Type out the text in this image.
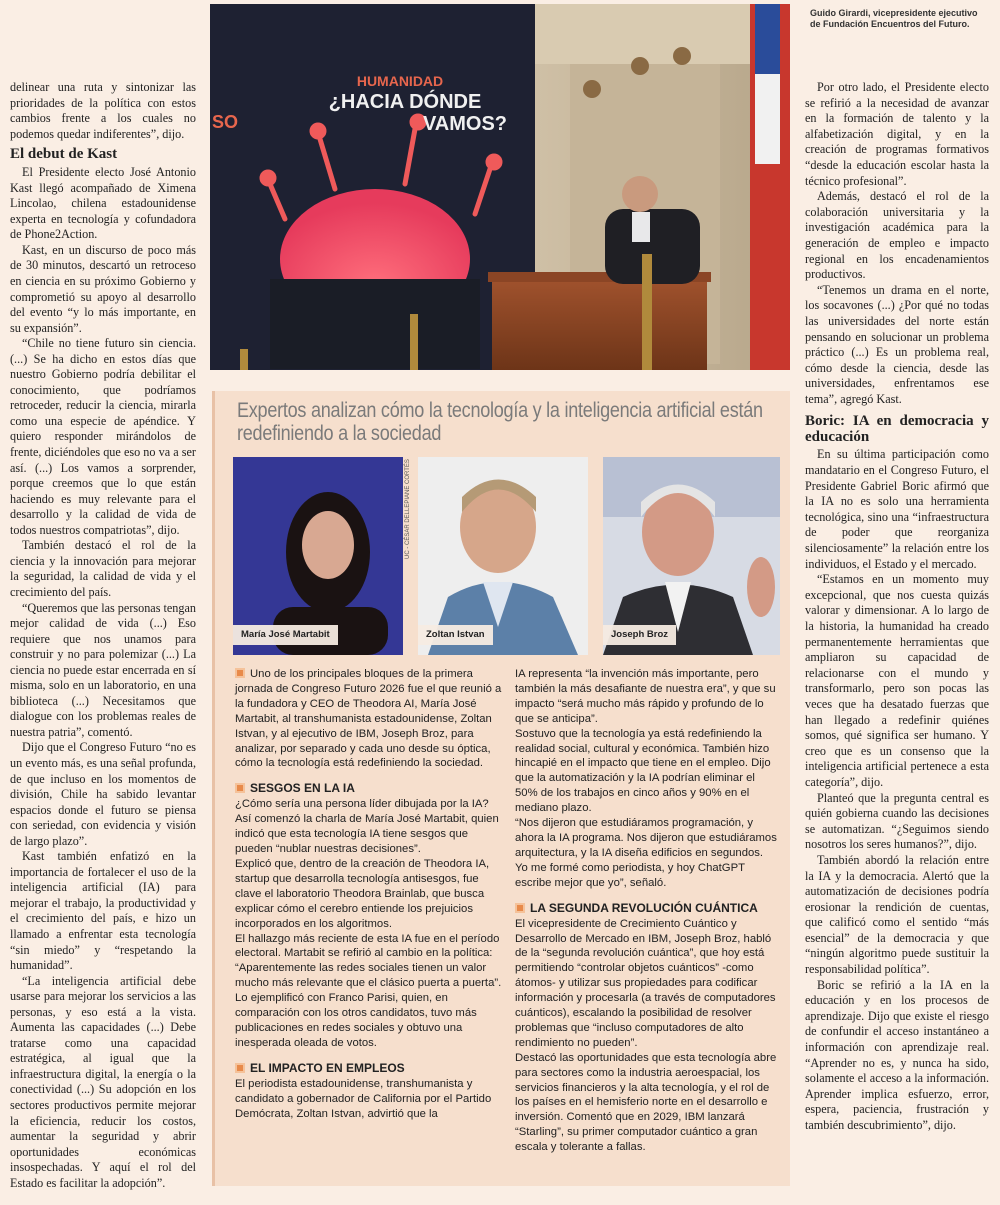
HUMANIDAD
¿HACIA DÓNDE
VAMOS?
SO
Guido Girardi, vicepresidente ejecutivo de Fundación Encuentros del Futuro.

delinear una ruta y sintonizar las prioridades de la política con estos cambios frente a los cuales no podemos quedar indiferentes”, dijo.

El debut de Kast

El Presidente electo José Antonio Kast llegó acompañado de Ximena Lincolao, chilena estadounidense experta en tecnología y cofundadora de Phone2Action.

Kast, en un discurso de poco más de 30 minutos, descartó un retroceso en ciencia en su próximo Gobierno y comprometió su apoyo al desarrollo del evento “y lo más importante, en su expansión”.

“Chile no tiene futuro sin ciencia. (...) Se ha dicho en estos días que nuestro Gobierno podría debilitar el conocimiento, que podríamos retroceder, reducir la ciencia, mirarla como una especie de apéndice. Y quiero responder mirándolos de frente, diciéndoles que eso no va a ser así. (...) Los vamos a sorprender, porque creemos que lo que están haciendo es muy relevante para el desarrollo y la calidad de vida de todos nuestros compatriotas”, dijo.

También destacó el rol de la ciencia y la innovación para mejorar la seguridad, la calidad de vida y el crecimiento del país.

“Queremos que las personas tengan mejor calidad de vida (...) Eso requiere que nos unamos para construir y no para polemizar (...) La ciencia no puede estar encerrada en sí misma, solo en un laboratorio, en una biblioteca (...) Necesitamos que dialogue con los problemas reales de nuestra patria”, comentó.

Dijo que el Congreso Futuro “no es un evento más, es una señal profunda, de que incluso en los momentos de división, Chile ha sabido levantar espacios donde el futuro se piensa con seriedad, con evidencia y visión de largo plazo”.

Kast también enfatizó en la importancia de fortalecer el uso de la inteligencia artificial (IA) para mejorar el trabajo, la productividad y el crecimiento del país, e hizo un llamado a enfrentar esta tecnología “sin miedo” y “respetando la humanidad”.

“La inteligencia artificial debe usarse para mejorar los servicios a las personas, y eso está a la vista. Aumenta las capacidades (...) Debe tratarse como una capacidad estratégica, al igual que la infraestructura digital, la energía o la conectividad (...) Su adopción en los sectores productivos permite mejorar la eficiencia, reducir los costos, aumentar la seguridad y abrir oportunidades económicas insospechadas. Y aquí el rol del Estado es facilitar la adopción”.

Por otro lado, el Presidente electo se refirió a la necesidad de avanzar en la formación de talento y la alfabetización digital, y en la creación de programas formativos “desde la educación escolar hasta la técnico profesional”.

Además, destacó el rol de la colaboración universitaria y la investigación académica para la generación de empleo e impacto regional en los encadenamientos productivos.

“Tenemos un drama en el norte, los socavones (...) ¿Por qué no todas las universidades del norte están pensando en solucionar un problema práctico (...) Es un problema real, cómo desde la ciencia, desde las universidades, enfrentamos ese tema”, agregó Kast.

Boric: IA en democracia y educación

En su última participación como mandatario en el Congreso Futuro, el Presidente Gabriel Boric afirmó que la IA no es solo una herramienta tecnológica, sino una “infraestructura de poder que reorganiza silenciosamente” la relación entre los individuos, el Estado y el mercado.

“Estamos en un momento muy excepcional, que nos cuesta quizás valorar y dimensionar. A lo largo de la historia, la humanidad ha creado permanentemente herramientas que ampliaron su capacidad de relacionarse con el mundo y transformarlo, pero son pocas las veces que ha desatado fuerzas que han llegado a redefinir quiénes somos, qué significa ser humano. Y creo que es un consenso que la inteligencia artificial pertenece a esta categoría”, dijo.

Planteó que la pregunta central es quién gobierna cuando las decisiones se automatizan. “¿Seguimos siendo nosotros los seres humanos?”, dijo.

También abordó la relación entre la IA y la democracia. Alertó que la automatización de decisiones podría erosionar la rendición de cuentas, que calificó como el sentido “más esencial” de la democracia y que “ningún algoritmo puede sustituir la responsabilidad política”.

Boric se refirió a la IA en la educación y en los procesos de aprendizaje. Dijo que existe el riesgo de confundir el acceso instantáneo a información con aprendizaje real. “Aprender no es, y nunca ha sido, solamente el acceso a la información. Aprender implica esfuerzo, error, espera, paciencia, frustración y también descubrimiento”, dijo.

Expertos analizan cómo la tecnología y la inteligencia artificial están redefiniendo a la sociedad
María José Martabit
UC - CÉSAR DELLEPIANE CORTÉS
Zoltan Istvan	Joseph Broz

Uno de los principales bloques de la primera jornada de Congreso Futuro 2026 fue el que reunió a la fundadora y CEO de Theodora AI, María José Martabit, al transhumanista estadounidense, Zoltan Istvan, y al ejecutivo de IBM, Joseph Broz, para analizar, por separado y cada uno desde su óptica, cómo la tecnología está redefiniendo la sociedad.

SESGOS EN LA IA

¿Cómo sería una persona líder dibujada por la IA? Así comenzó la charla de María José Martabit, quien indicó que esta tecnología IA tiene sesgos que pueden “nublar nuestras decisiones”.

Explicó que, dentro de la creación de Theodora IA, startup que desarrolla tecnología antisesgos, fue clave el laboratorio Theodora Brainlab, que busca explicar cómo el cerebro entiende los prejuicios incorporados en los algoritmos.

El hallazgo más reciente de esta IA fue en el período electoral. Martabit se refirió al cambio en la política: “Aparentemente las redes sociales tienen un valor mucho más relevante que el clásico puerta a puerta”.

Lo ejemplificó con Franco Parisi, quien, en comparación con los otros candidatos, tuvo más publicaciones en redes sociales y obtuvo una inesperada oleada de votos.

EL IMPACTO EN EMPLEOS

El periodista estadounidense, transhumanista y candidato a gobernador de California por el Partido Demócrata, Zoltan Istvan, advirtió que la

IA representa “la invención más importante, pero también la más desafiante de nuestra era”, y que su impacto “será mucho más rápido y profundo de lo que se anticipa”.

Sostuvo que la tecnología ya está redefiniendo la realidad social, cultural y económica. También hizo hincapié en el impacto que tiene en el empleo. Dijo que la automatización y la IA podrían eliminar el 50% de los trabajos en cinco años y 90% en el mediano plazo.

“Nos dijeron que estudiáramos programación, y ahora la IA programa. Nos dijeron que estudiáramos arquitectura, y la IA diseña edificios en segundos. Yo me formé como periodista, y hoy ChatGPT escribe mejor que yo”, señaló.

LA SEGUNDA REVOLUCIÓN CUÁNTICA

El vicepresidente de Crecimiento Cuántico y Desarrollo de Mercado en IBM, Joseph Broz, habló de la “segunda revolución cuántica”, que hoy está permitiendo “controlar objetos cuánticos” -como átomos- y utilizar sus propiedades para codificar información y procesarla (a través de computadores cuánticos), escalando la posibilidad de resolver problemas que “incluso computadores de alto rendimiento no pueden”.

Destacó las oportunidades que esta tecnología abre para sectores como la industria aeroespacial, los servicios financieros y la alta tecnología, y el rol de los países en el hemisferio norte en el desarrollo e inversión. Comentó que en 2029, IBM lanzará “Starling”, su primer computador cuántico a gran escala y tolerante a fallas.
